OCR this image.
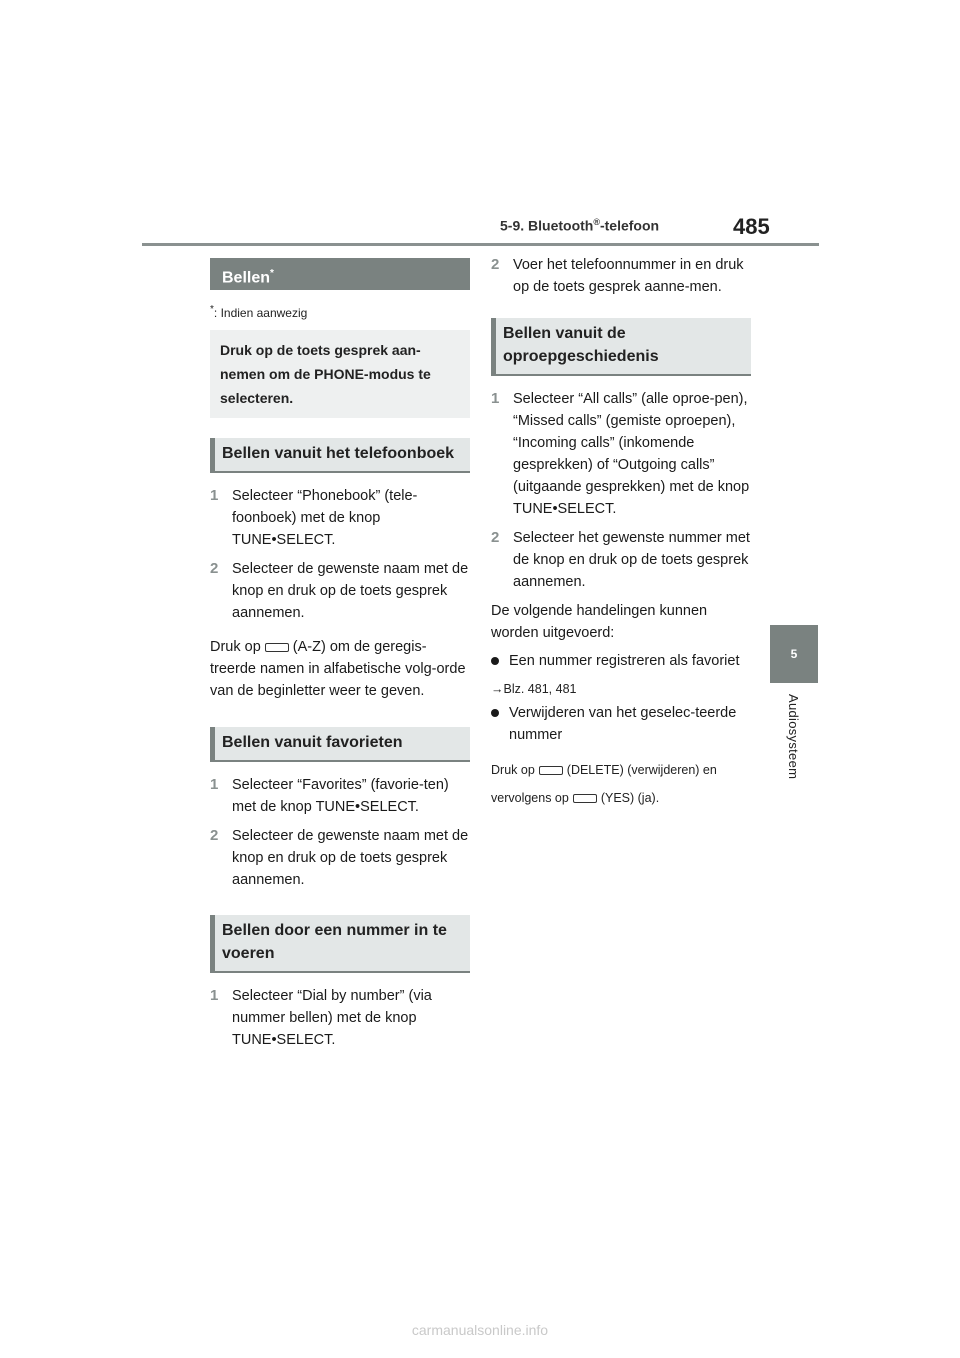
5-9. Bluetooth®-telefoon	485
5
Audiosysteem
Bellen*

*: Indien aanwezig

Druk op de toets gesprek aan-nemen om de PHONE-modus te selecteren.
Bellen vanuit het telefoonboek
1 Selecteer “Phonebook” (tele-foonboek) met de knop TUNE•SELECT.
2 Selecteer de gewenste naam met de knop en druk op de toets gesprek aannemen.

Druk op (A-Z) om de geregis-treerde namen in alfabetische volg-orde van de beginletter weer te geven.

Bellen vanuit favorieten
1 Selecteer “Favorites” (favorie-ten) met de knop TUNE•SELECT.
2 Selecteer de gewenste naam met de knop en druk op de toets gesprek aannemen.
Bellen door een nummer in te voeren
1 Selecteer “Dial by number” (via nummer bellen) met de knop TUNE•SELECT.
2 Voer het telefoonnummer in en druk op de toets gesprek aanne-men.
Bellen vanuit de oproepgeschiedenis
1 Selecteer “All calls” (alle oproe-pen), “Missed calls” (gemiste oproepen), “Incoming calls” (inkomende gesprekken) of “Outgoing calls” (uitgaande gesprekken) met de knop TUNE•SELECT.
2 Selecteer het gewenste nummer met de knop en druk op de toets gesprek aannemen.

De volgende handelingen kunnen worden uitgevoerd:

Een nummer registreren als favoriet

→Blz. 481, 481

Verwijderen van het geselec-teerde nummer

Druk op	(DELETE) (verwijderen) en
vervolgens op	(YES) (ja).

carmanualsonline.info
